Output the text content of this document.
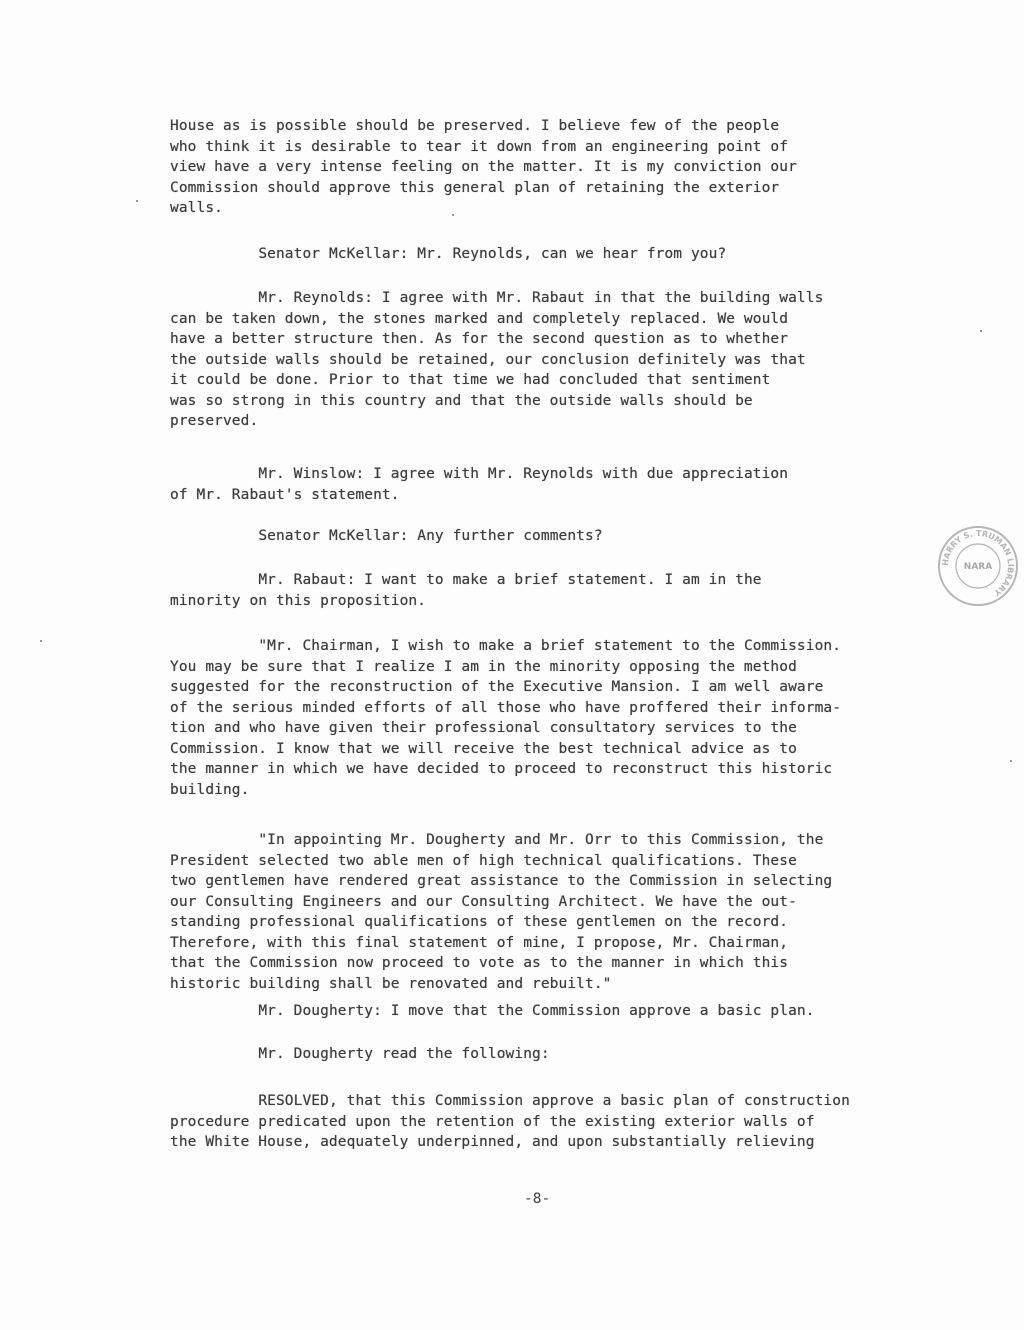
House as is possible should be preserved. I believe few of the people
who think it is desirable to tear it down from an engineering point of
view have a very intense feeling on the matter. It is my conviction our
Commission should approve this general plan of retaining the exterior
walls.
Senator McKellar: Mr. Reynolds, can we hear from you?
Mr. Reynolds: I agree with Mr. Rabaut in that the building walls
can be taken down, the stones marked and completely replaced. We would
have a better structure then. As for the second question as to whether
the outside walls should be retained, our conclusion definitely was that
it could be done. Prior to that time we had concluded that sentiment
was so strong in this country and that the outside walls should be
preserved.
Mr. Winslow: I agree with Mr. Reynolds with due appreciation
of Mr. Rabaut's statement.
Senator McKellar: Any further comments?
Mr. Rabaut: I want to make a brief statement. I am in the
minority on this proposition.
"Mr. Chairman, I wish to make a brief statement to the Commission.
You may be sure that I realize I am in the minority opposing the method
suggested for the reconstruction of the Executive Mansion. I am well aware
of the serious minded efforts of all those who have proffered their informa-
tion and who have given their professional consultatory services to the
Commission. I know that we will receive the best technical advice as to
the manner in which we have decided to proceed to reconstruct this historic
building.
"In appointing Mr. Dougherty and Mr. Orr to this Commission, the
President selected two able men of high technical qualifications. These
two gentlemen have rendered great assistance to the Commission in selecting
our Consulting Engineers and our Consulting Architect. We have the out-
standing professional qualifications of these gentlemen on the record.
Therefore, with this final statement of mine, I propose, Mr. Chairman,
that the Commission now proceed to vote as to the manner in which this
historic building shall be renovated and rebuilt."
Mr. Dougherty: I move that the Commission approve a basic plan.
Mr. Dougherty read the following:
RESOLVED, that this Commission approve a basic plan of construction
procedure predicated upon the retention of the existing exterior walls of
the White House, adequately underpinned, and upon substantially relieving
-8-
HARRY S. TRUMAN LIBRARY
NARA
